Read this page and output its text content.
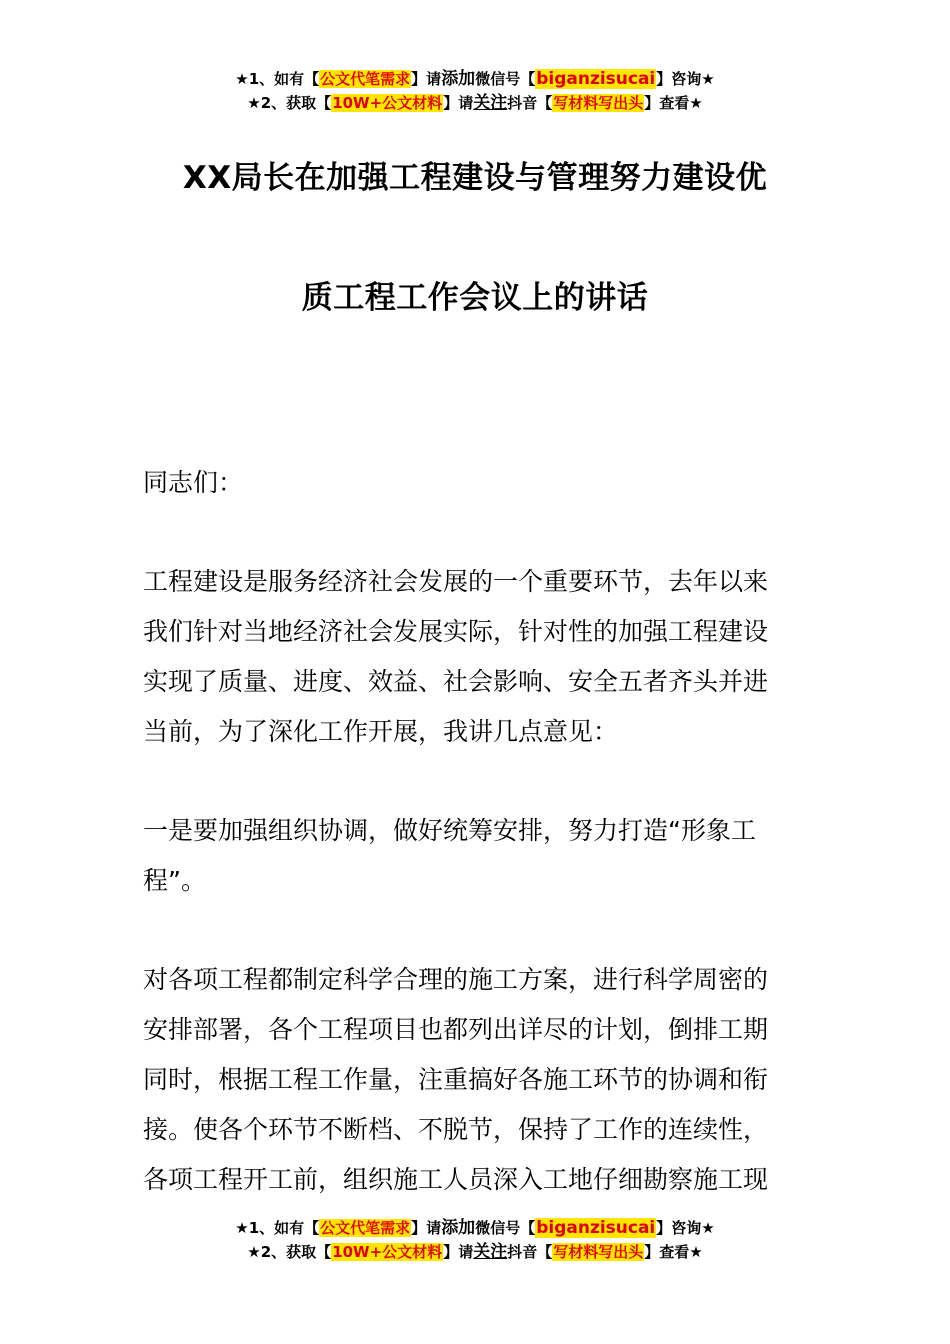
★1、如有【公文代笔需求】请添加微信号【biganzisucai】咨询★
★2、获取【10W+公文材料】请关注抖音【写材料写出头】查看★
XX局长在加强工程建设与管理努力建设优
质工程工作会议上的讲话
同志们：
工程建设是服务经济社会发展的一个重要环节，去年以来
我们针对当地经济社会发展实际，针对性的加强工程建设
实现了质量、进度、效益、社会影响、安全五者齐头并进
当前，为了深化工作开展，我讲几点意见：
一是要加强组织协调，做好统筹安排，努力打造“形象工
程”。
对各项工程都制定科学合理的施工方案，进行科学周密的
安排部署，各个工程项目也都列出详尽的计划，倒排工期
同时，根据工程工作量，注重搞好各施工环节的协调和衔
接。使各个环节不断档、不脱节，保持了工作的连续性，
各项工程开工前，组织施工人员深入工地仔细勘察施工现
★1、如有【公文代笔需求】请添加微信号【biganzisucai】咨询★
★2、获取【10W+公文材料】请关注抖音【写材料写出头】查看★
